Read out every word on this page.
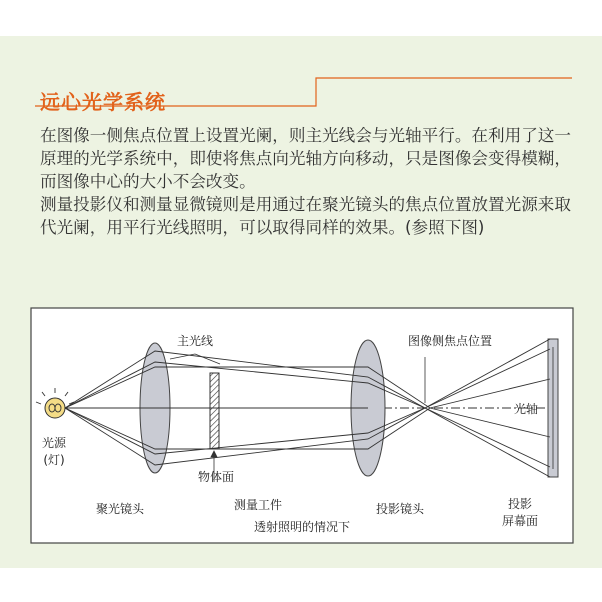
远心光学系统

在图像一侧焦点位置上设置光阑，则主光线会与光轴平行。在利用了这一原理的光学系统中，即使将焦点向光轴方向移动，只是图像会变得模糊，而图像中心的大小不会改变。

测量投影仪和测量显微镜则是用通过在聚光镜头的焦点位置放置光源来取代光阑，用平行光线照明，可以取得同样的效果。(参照下图)

主光线	图像侧焦点位置
光源
(灯)
光轴
物体面
聚光镜头	测量工件	投影镜头	投影
屏幕面
透射照明的情况下
